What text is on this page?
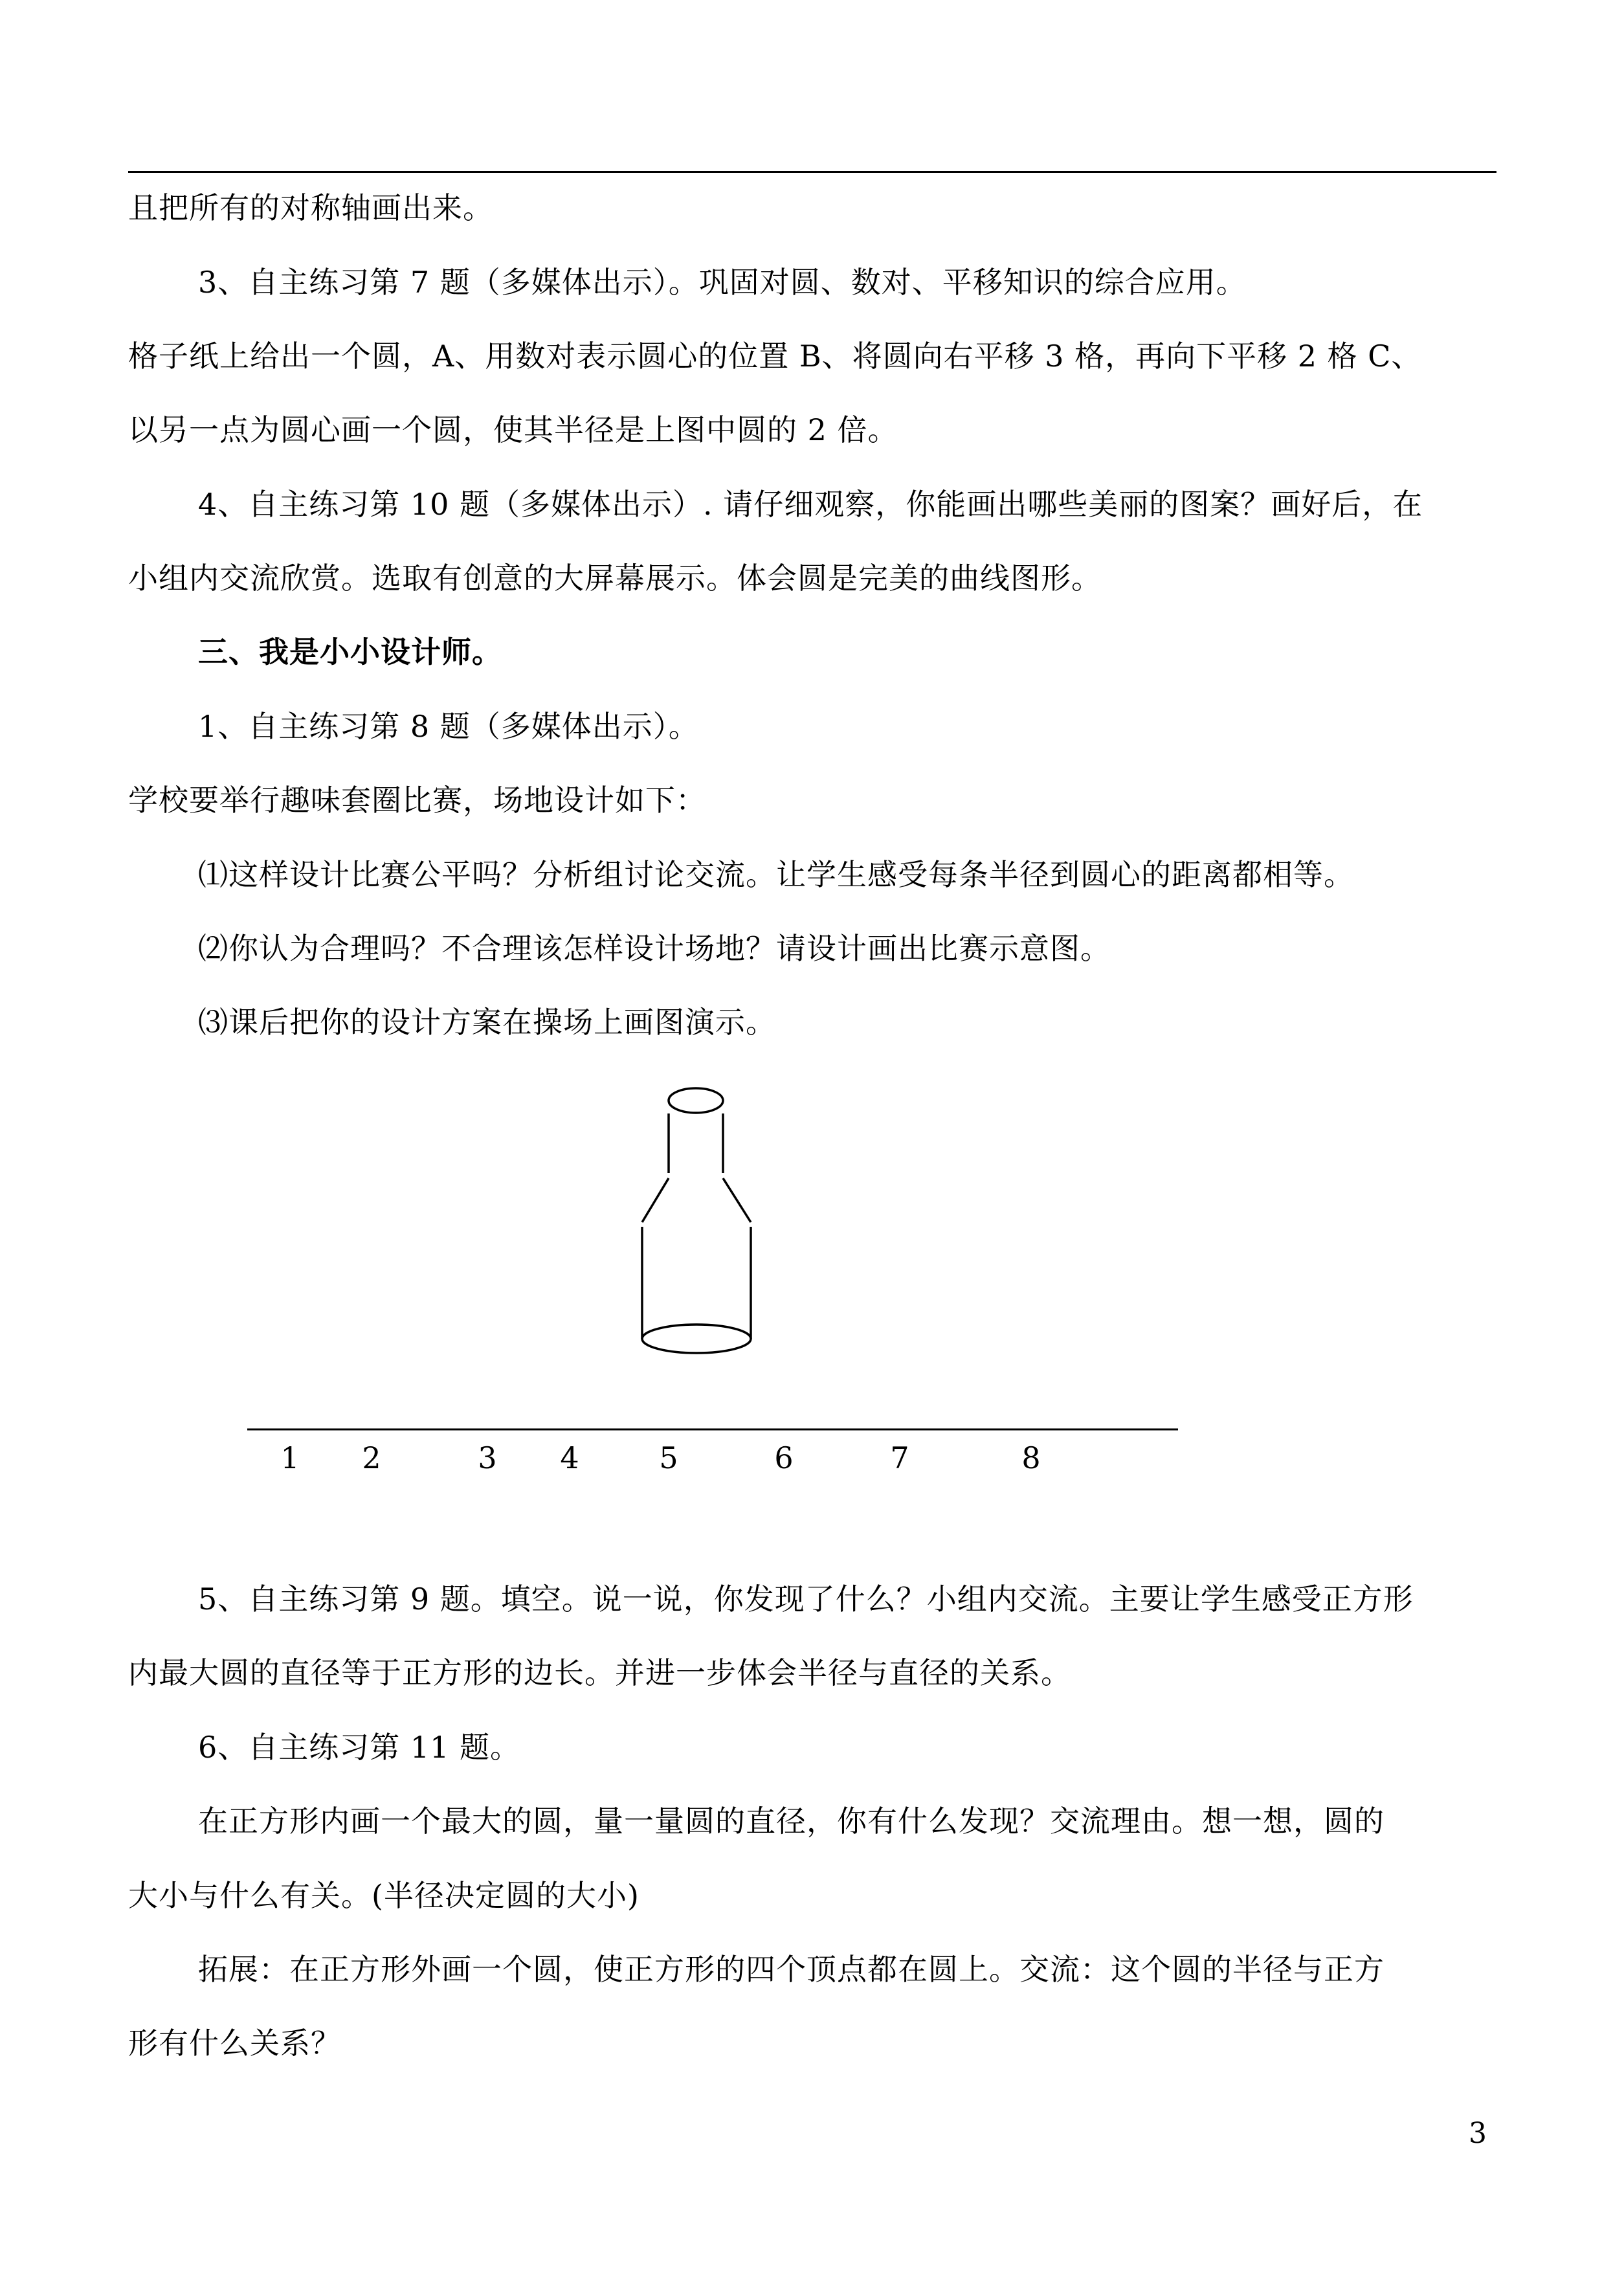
且把所有的对称轴画出来。
3、自主练习第 7 题（多媒体出示）。巩固对圆、数对、平移知识的综合应用。
格子纸上给出一个圆，A、用数对表示圆心的位置 B、将圆向右平移 3 格，再向下平移 2 格 C、
以另一点为圆心画一个圆，使其半径是上图中圆的 2 倍。
4、自主练习第 10 题（多媒体出示）. 请仔细观察，你能画出哪些美丽的图案？画好后，在
小组内交流欣赏。选取有创意的大屏幕展示。体会圆是完美的曲线图形。
三、我是小小设计师。
1、自主练习第 8 题（多媒体出示）。
学校要举行趣味套圈比赛，场地设计如下：
⑴这样设计比赛公平吗？分析组讨论交流。让学生感受每条半径到圆心的距离都相等。
⑵你认为合理吗？不合理该怎样设计场地？请设计画出比赛示意图。
⑶课后把你的设计方案在操场上画图演示。
1 2	3 4	5	6	7	8
5、自主练习第 9 题。填空。说一说，你发现了什么？小组内交流。主要让学生感受正方形
内最大圆的直径等于正方形的边长。并进一步体会半径与直径的关系。
6、自主练习第 11 题。
在正方形内画一个最大的圆，量一量圆的直径，你有什么发现？交流理由。想一想，圆的
大小与什么有关。(半径决定圆的大小)
拓展：在正方形外画一个圆，使正方形的四个顶点都在圆上。交流：这个圆的半径与正方
形有什么关系？
3
